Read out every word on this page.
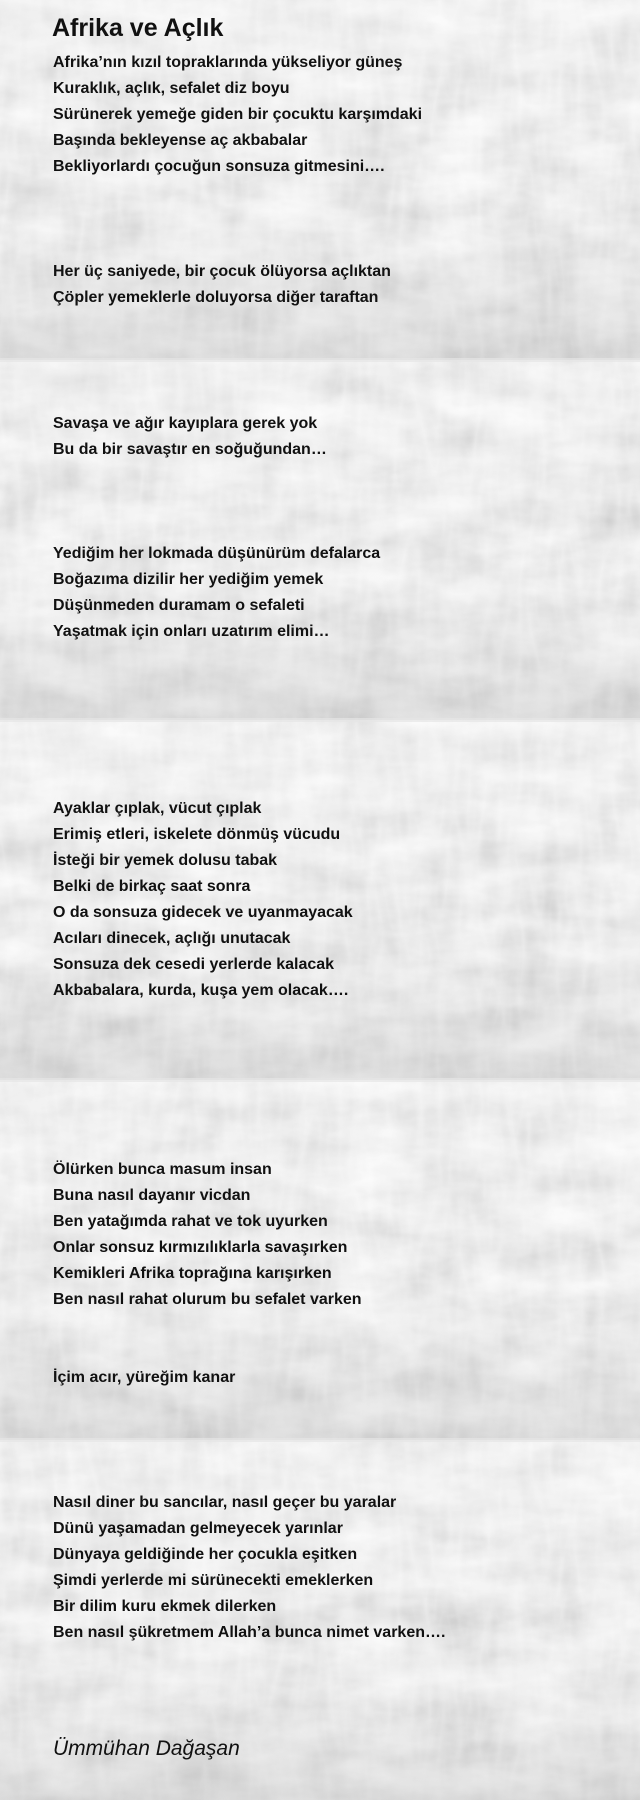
Afrika ve Açlık
Afrika’nın kızıl topraklarında yükseliyor güneş
Kuraklık, açlık, sefalet diz boyu
Sürünerek yemeğe giden bir çocuktu karşımdaki
Başında bekleyense aç akbabalar
Bekliyorlardı çocuğun sonsuza gitmesini….
Her üç saniyede, bir çocuk ölüyorsa açlıktan
Çöpler yemeklerle doluyorsa diğer taraftan
Savaşa ve ağır kayıplara gerek yok
Bu da bir savaştır en soğuğundan…
Yediğim her lokmada düşünürüm defalarca
Boğazıma dizilir her yediğim yemek
Düşünmeden duramam o sefaleti
Yaşatmak için onları uzatırım elimi…
Ayaklar çıplak, vücut çıplak
Erimiş etleri, iskelete dönmüş vücudu
İsteği bir yemek dolusu tabak
Belki de birkaç saat sonra
O da sonsuza gidecek ve uyanmayacak
Acıları dinecek, açlığı unutacak
Sonsuza dek cesedi yerlerde kalacak
Akbabalara, kurda, kuşa yem olacak….
Ölürken bunca masum insan
Buna nasıl dayanır vicdan
Ben yatağımda rahat ve tok uyurken
Onlar sonsuz kırmızılıklarla savaşırken
Kemikleri Afrika toprağına karışırken
Ben nasıl rahat olurum bu sefalet varken
İçim acır, yüreğim kanar
Nasıl diner bu sancılar, nasıl geçer bu yaralar
Dünü yaşamadan gelmeyecek yarınlar
Dünyaya geldiğinde her çocukla eşitken
Şimdi yerlerde mi sürünecekti emeklerken
Bir dilim kuru ekmek dilerken
Ben nasıl şükretmem Allah’a bunca nimet varken….

Ümmühan Dağaşan
